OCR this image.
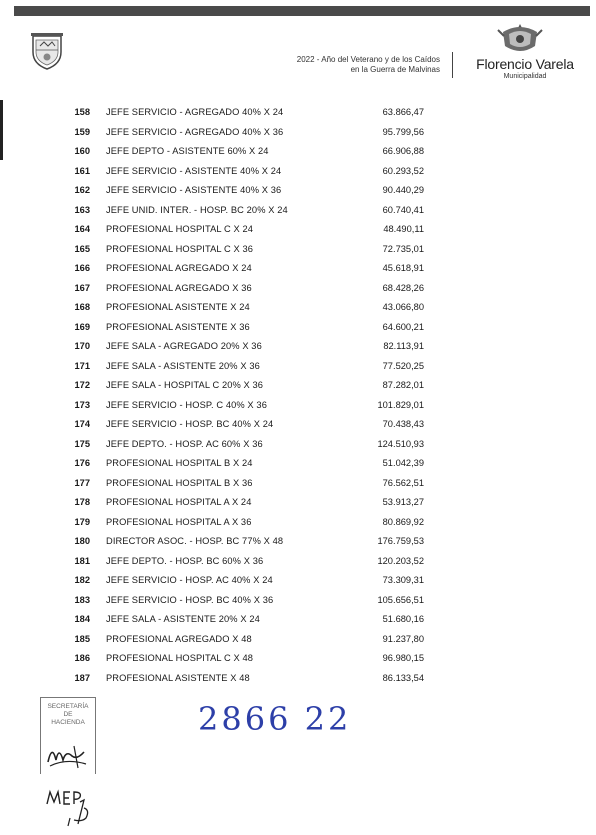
2022 - Año del Veterano y de los Caídos
en la Guerra de Malvinas	Florencio Varela
Municipalidad
158 JEFE SERVICIO - AGREGADO 40% X 24	63.866,47
159 JEFE SERVICIO - AGREGADO 40% X 36	95.799,56
160 JEFE DEPTO - ASISTENTE 60% X 24	66.906,88
161 JEFE SERVICIO - ASISTENTE 40% X 24	60.293,52
162 JEFE SERVICIO - ASISTENTE 40% X 36	90.440,29
163 JEFE UNID. INTER. - HOSP. BC 20% X 24	60.740,41
164 PROFESIONAL HOSPITAL C X 24	48.490,11
165 PROFESIONAL HOSPITAL C X 36	72.735,01
166 PROFESIONAL AGREGADO X 24	45.618,91
167 PROFESIONAL AGREGADO X 36	68.428,26
168 PROFESIONAL ASISTENTE X 24	43.066,80
169 PROFESIONAL ASISTENTE X 36	64.600,21
170 JEFE SALA - AGREGADO 20% X 36	82.113,91
171 JEFE SALA - ASISTENTE 20% X 36	77.520,25
172 JEFE SALA - HOSPITAL C 20% X 36	87.282,01
173 JEFE SERVICIO - HOSP. C 40% X 36	101.829,01
174 JEFE SERVICIO - HOSP. BC 40% X 24	70.438,43
175 JEFE DEPTO. - HOSP. AC 60% X 36	124.510,93
176 PROFESIONAL HOSPITAL B X 24	51.042,39
177 PROFESIONAL HOSPITAL B X 36	76.562,51
178 PROFESIONAL HOSPITAL A X 24	53.913,27
179 PROFESIONAL HOSPITAL A X 36	80.869,92
180 DIRECTOR ASOC. - HOSP. BC 77% X 48	176.759,53
181 JEFE DEPTO. - HOSP. BC 60% X 36	120.203,52
182 JEFE SERVICIO - HOSP. AC 40% X 24	73.309,31
183 JEFE SERVICIO - HOSP. BC 40% X 36	105.656,51
184 JEFE SALA - ASISTENTE 20% X 24	51.680,16
185 PROFESIONAL AGREGADO X 48	91.237,80
186 PROFESIONAL HOSPITAL C X 48	96.980,15
187 PROFESIONAL ASISTENTE X 48	86.133,54
SECRETARÍA
DE
HACIENDA	2866 22
